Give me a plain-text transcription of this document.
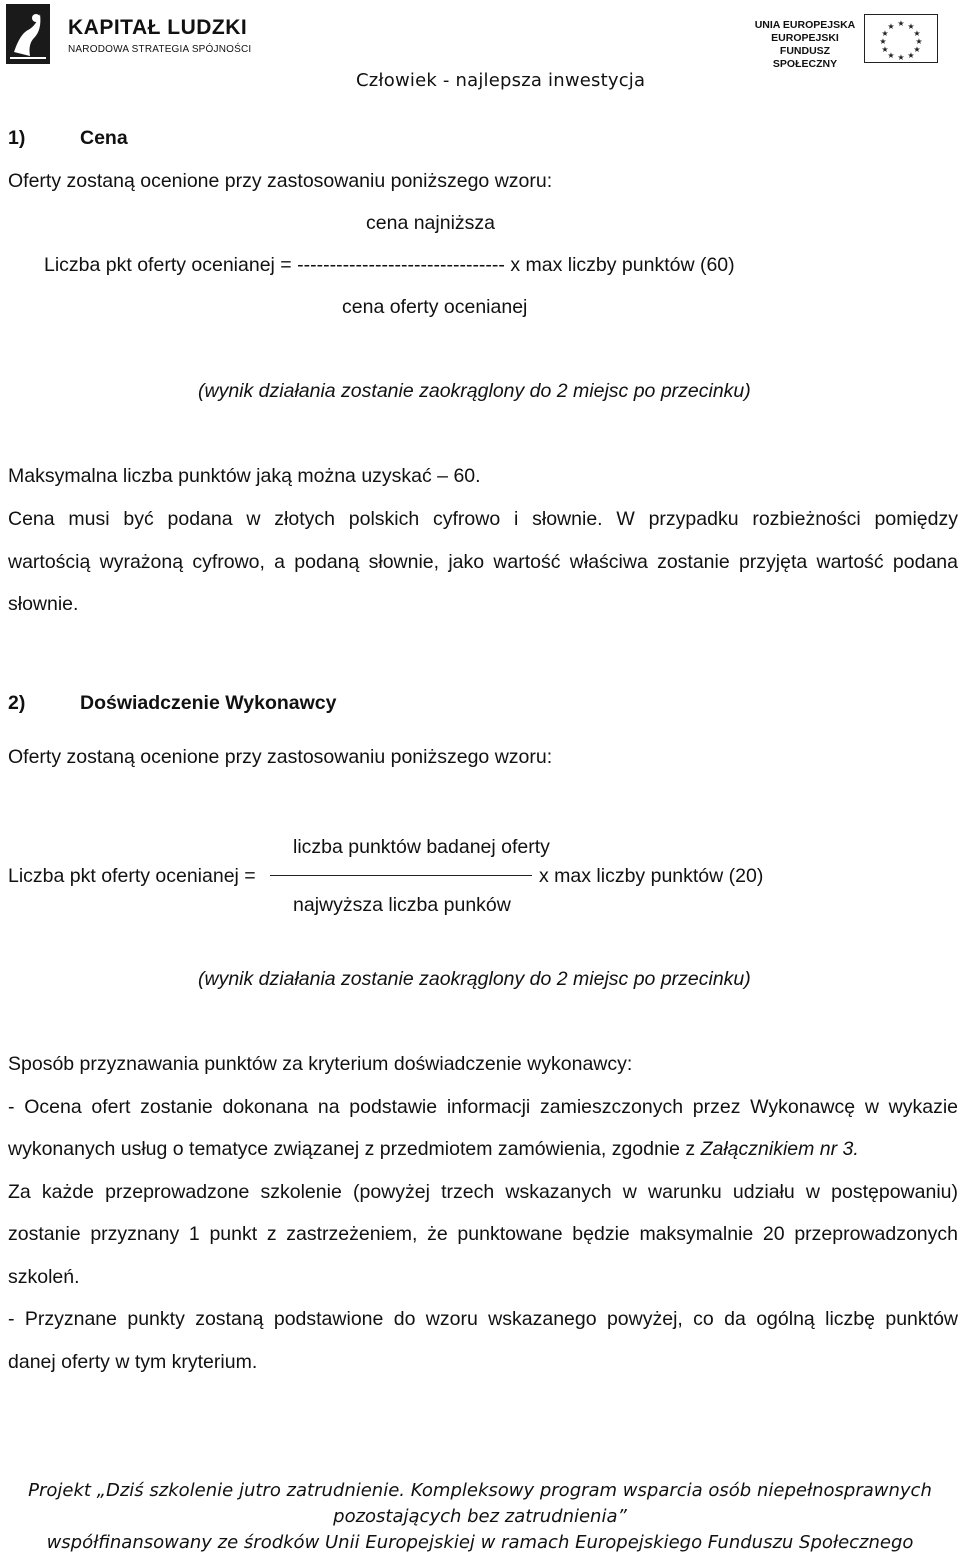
KAPITAŁ LUDZKI
NARODOWA STRATEGIA SPÓJNOŚCI
UNIA EUROPEJSKA
EUROPEJSKI
FUNDUSZ SPOŁECZNY
★ ★
★
★
★
★
★
★
★
★
★
★
Człowiek - najlepsza inwestycja
1)	Cena
Oferty zostaną ocenione przy zastosowaniu poniższego wzoru:
cena najniższa
Liczba pkt oferty ocenianej = -------------------------------- x max liczby punktów (60)
cena oferty ocenianej
(wynik działania zostanie zaokrąglony do 2 miejsc po przecinku)
Maksymalna liczba punktów jaką można uzyskać – 60.
Cena musi być podana w złotych polskich cyfrowo i słownie. W przypadku rozbieżności pomiędzy
wartością wyrażoną cyfrowo, a podaną słownie, jako wartość właściwa zostanie przyjęta wartość podana
słownie.
2)	Doświadczenie Wykonawcy
Oferty zostaną ocenione przy zastosowaniu poniższego wzoru:
liczba punktów badanej oferty
Liczba pkt oferty ocenianej =	x max liczby punktów (20)
najwyższa liczba punków
(wynik działania zostanie zaokrąglony do 2 miejsc po przecinku)
Sposób przyznawania punktów za kryterium doświadczenie wykonawcy:
- Ocena ofert zostanie dokonana na podstawie informacji zamieszczonych przez Wykonawcę w wykazie
wykonanych usług o tematyce związanej z przedmiotem zamówienia, zgodnie z Załącznikiem nr 3.
Za każde przeprowadzone szkolenie (powyżej trzech wskazanych w warunku udziału w postępowaniu)
zostanie przyznany 1 punkt z zastrzeżeniem, że punktowane będzie maksymalnie 20 przeprowadzonych
szkoleń.
- Przyznane punkty zostaną podstawione do wzoru wskazanego powyżej, co da ogólną liczbę punktów
danej oferty w tym kryterium.
Projekt „Dziś szkolenie jutro zatrudnienie. Kompleksowy program wsparcia osób niepełnosprawnych
pozostających bez zatrudnienia”
współfinansowany ze środków Unii Europejskiej w ramach Europejskiego Funduszu Społecznego
